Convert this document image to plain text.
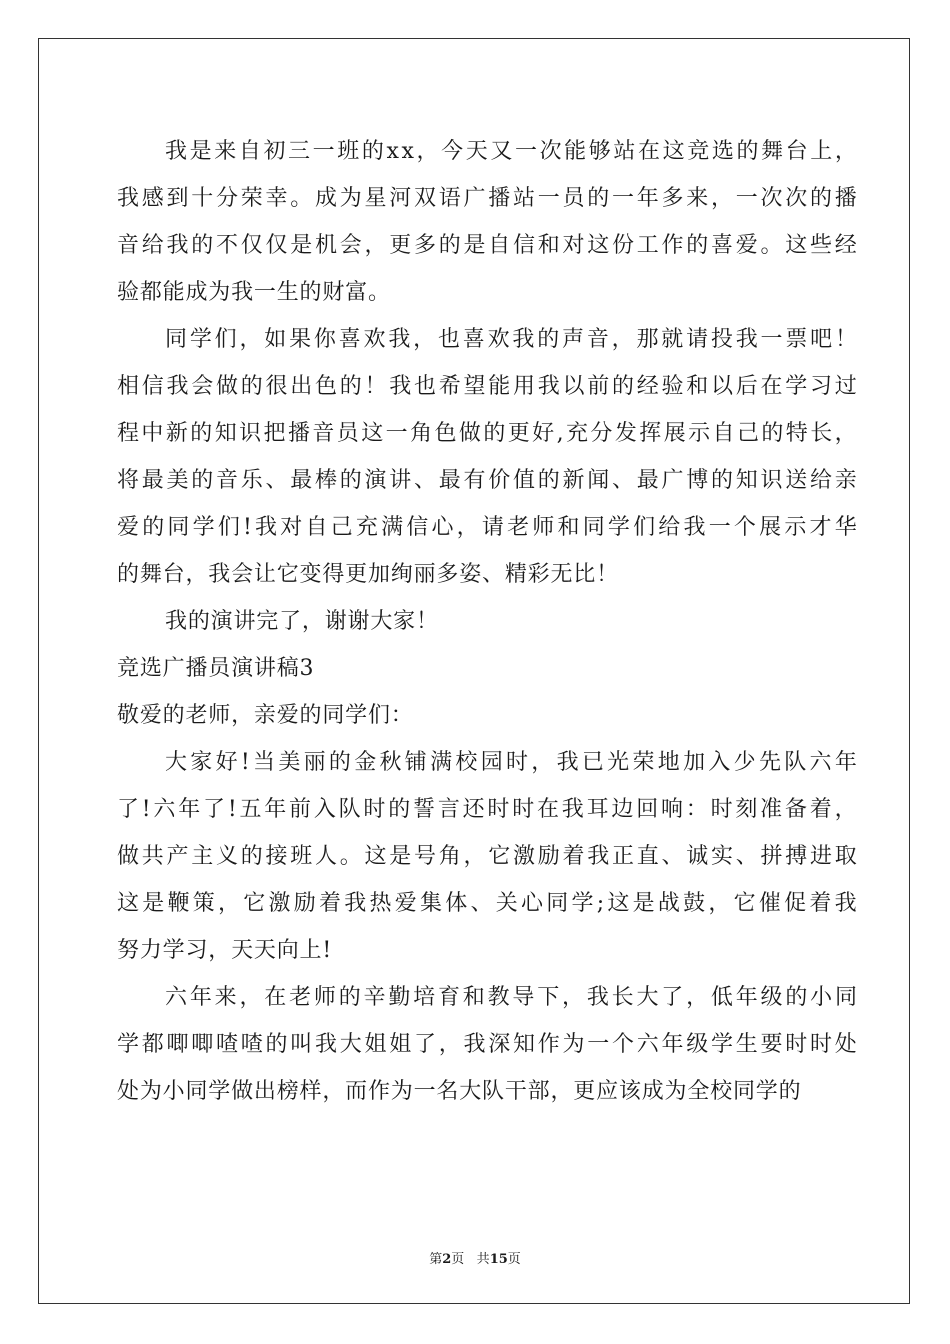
我 是 来 自 初 三 一 班 的 x x ， 今 天 又 一 次 能 够 站 在 这 竞 选 的 舞 台 上 ，
我 感 到 十 分 荣 幸 。 成 为 星 河 双 语 广 播 站 一 员 的 一 年 多 来 ， 一 次 次 的 播
音 给 我 的 不 仅 仅 是 机 会 ， 更 多 的 是 自 信 和 对 这 份 工 作 的 喜 爱 。 这 些 经
验 都 能 成 为 我 一 生 的 财 富 。
同 学 们 ， 如 果 你 喜 欢 我 ， 也 喜 欢 我 的 声 音 ， 那 就 请 投 我 一 票 吧 ！
相 信 我 会 做 的 很 出 色 的 ！ 我 也 希 望 能 用 我 以 前 的 经 验 和 以 后 在 学 习 过
程 中 新 的 知 识 把 播 音 员 这 一 角 色 做 的 更 好 , 充 分 发 挥 展 示 自 己 的 特 长 ，
将 最 美 的 音 乐 、 最 棒 的 演 讲 、 最 有 价 值 的 新 闻 、 最 广 博 的 知 识 送 给 亲
爱 的 同 学 们 ! 我 对 自 己 充 满 信 心 ， 请 老 师 和 同 学 们 给 我 一 个 展 示 才 华
的 舞 台 ， 我 会 让 它 变 得 更 加 绚 丽 多 姿 、 精 彩 无 比 ！
我 的 演 讲 完 了 ， 谢 谢 大 家 ！
竞 选 广 播 员 演 讲 稿 3
敬 爱 的 老 师 ， 亲 爱 的 同 学 们 ：
大 家 好 ! 当 美 丽 的 金 秋 铺 满 校 园 时 ， 我 已 光 荣 地 加 入 少 先 队 六 年
了 ! 六 年 了 ! 五 年 前 入 队 时 的 誓 言 还 时 时 在 我 耳 边 回 响 ： 时 刻 准 备 着 ，
做 共 产 主 义 的 接 班 人 。 这 是 号 角 ， 它 激 励 着 我 正 直 、 诚 实 、 拼 搏 进 取
这 是 鞭 策 ， 它 激 励 着 我 热 爱 集 体 、 关 心 同 学 ; 这 是 战 鼓 ， 它 催 促 着 我
努 力 学 习 ， 天 天 向 上 !
六 年 来 ， 在 老 师 的 辛 勤 培 育 和 教 导 下 ， 我 长 大 了 ， 低 年 级 的 小 同
学 都 唧 唧 喳 喳 的 叫 我 大 姐 姐 了 ， 我 深 知 作 为 一 个 六 年 级 学 生 要 时 时 处
处 为 小 同 学 做 出 榜 样 ， 而 作 为 一 名 大 队 干 部 ， 更 应 该 成 为 全 校 同 学 的
第2页 共15页
